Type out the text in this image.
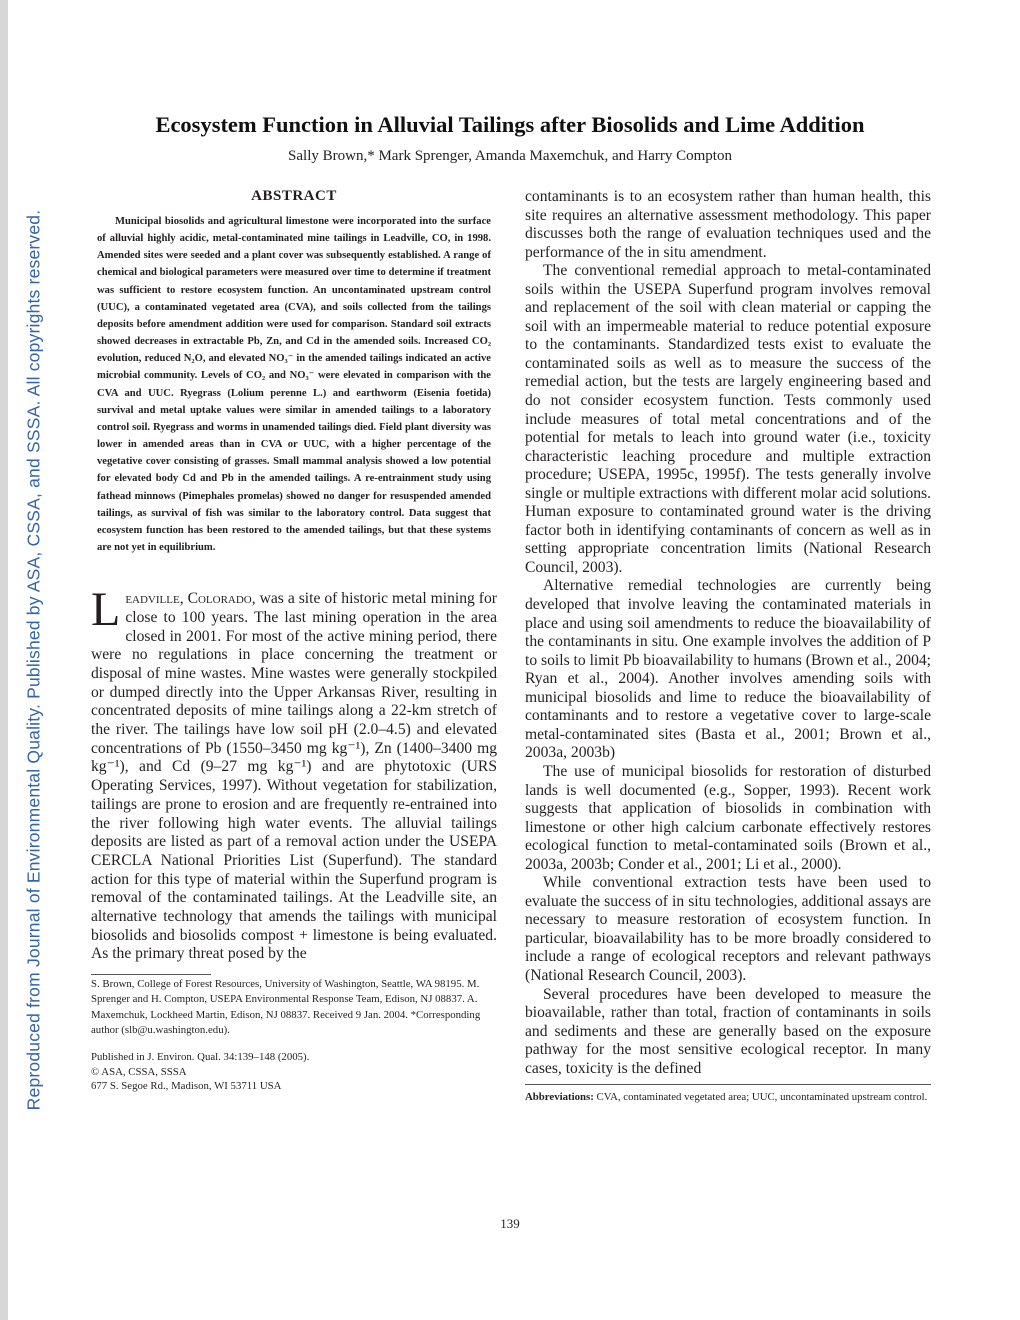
Reproduced from Journal of Environmental Quality. Published by ASA, CSSA, and SSSA. All copyrights reserved.
Ecosystem Function in Alluvial Tailings after Biosolids and Lime Addition
Sally Brown,* Mark Sprenger, Amanda Maxemchuk, and Harry Compton
ABSTRACT

Municipal biosolids and agricultural limestone were incorporated into the surface of alluvial highly acidic, metal-contaminated mine tailings in Leadville, CO, in 1998. Amended sites were seeded and a plant cover was subsequently established. A range of chemical and biological parameters were measured over time to determine if treatment was sufficient to restore ecosystem function. An uncontaminated upstream control (UUC), a contaminated vegetated area (CVA), and soils collected from the tailings deposits before amendment addition were used for comparison. Standard soil extracts showed decreases in extractable Pb, Zn, and Cd in the amended soils. Increased CO₂ evolution, reduced N₂O, and elevated NO₃⁻ in the amended tailings indicated an active microbial community. Levels of CO₂ and NO₃⁻ were elevated in comparison with the CVA and UUC. Ryegrass (Lolium perenne L.) and earthworm (Eisenia foetida) survival and metal uptake values were similar in amended tailings to a laboratory control soil. Ryegrass and worms in unamended tailings died. Field plant diversity was lower in amended areas than in CVA or UUC, with a higher percentage of the vegetative cover consisting of grasses. Small mammal analysis showed a low potential for elevated body Cd and Pb in the amended tailings. A re-entrainment study using fathead minnows (Pimephales promelas) showed no danger for resuspended amended tailings, as survival of fish was similar to the laboratory control. Data suggest that ecosystem function has been restored to the amended tailings, but that these systems are not yet in equilibrium.

Leadville, Colorado, was a site of historic metal mining for close to 100 years. The last mining operation in the area closed in 2001. For most of the active mining period, there were no regulations in place concerning the treatment or disposal of mine wastes. Mine wastes were generally stockpiled or dumped directly into the Upper Arkansas River, resulting in concentrated deposits of mine tailings along a 22-km stretch of the river. The tailings have low soil pH (2.0–4.5) and elevated concentrations of Pb (1550–3450 mg kg⁻¹), Zn (1400–3400 mg kg⁻¹), and Cd (9–27 mg kg⁻¹) and are phytotoxic (URS Operating Services, 1997). Without vegetation for stabilization, tailings are prone to erosion and are frequently re-entrained into the river following high water events. The alluvial tailings deposits are listed as part of a removal action under the USEPA CERCLA National Priorities List (Superfund). The standard action for this type of material within the Superfund program is removal of the contaminated tailings. At the Leadville site, an alternative technology that amends the tailings with municipal biosolids and biosolids compost + limestone is being evaluated. As the primary threat posed by the

S. Brown, College of Forest Resources, University of Washington, Seattle, WA 98195. M. Sprenger and H. Compton, USEPA Environmental Response Team, Edison, NJ 08837. A. Maxemchuk, Lockheed Martin, Edison, NJ 08837. Received 9 Jan. 2004. *Corresponding author (slb@u.washington.edu).

Published in J. Environ. Qual. 34:139–148 (2005).
© ASA, CSSA, SSSA
677 S. Segoe Rd., Madison, WI 53711 USA

contaminants is to an ecosystem rather than human health, this site requires an alternative assessment methodology. This paper discusses both the range of evaluation techniques used and the performance of the in situ amendment.

The conventional remedial approach to metal-contaminated soils within the USEPA Superfund program involves removal and replacement of the soil with clean material or capping the soil with an impermeable material to reduce potential exposure to the contaminants. Standardized tests exist to evaluate the contaminated soils as well as to measure the success of the remedial action, but the tests are largely engineering based and do not consider ecosystem function. Tests commonly used include measures of total metal concentrations and of the potential for metals to leach into ground water (i.e., toxicity characteristic leaching procedure and multiple extraction procedure; USEPA, 1995c, 1995f). The tests generally involve single or multiple extractions with different molar acid solutions. Human exposure to contaminated ground water is the driving factor both in identifying contaminants of concern as well as in setting appropriate concentration limits (National Research Council, 2003).

Alternative remedial technologies are currently being developed that involve leaving the contaminated materials in place and using soil amendments to reduce the bioavailability of the contaminants in situ. One example involves the addition of P to soils to limit Pb bioavailability to humans (Brown et al., 2004; Ryan et al., 2004). Another involves amending soils with municipal biosolids and lime to reduce the bioavailability of contaminants and to restore a vegetative cover to large-scale metal-contaminated sites (Basta et al., 2001; Brown et al., 2003a, 2003b)

The use of municipal biosolids for restoration of disturbed lands is well documented (e.g., Sopper, 1993). Recent work suggests that application of biosolids in combination with limestone or other high calcium carbonate effectively restores ecological function to metal-contaminated soils (Brown et al., 2003a, 2003b; Conder et al., 2001; Li et al., 2000).

While conventional extraction tests have been used to evaluate the success of in situ technologies, additional assays are necessary to measure restoration of ecosystem function. In particular, bioavailability has to be more broadly considered to include a range of ecological receptors and relevant pathways (National Research Council, 2003).

Several procedures have been developed to measure the bioavailable, rather than total, fraction of contaminants in soils and sediments and these are generally based on the exposure pathway for the most sensitive ecological receptor. In many cases, toxicity is the defined

Abbreviations: CVA, contaminated vegetated area; UUC, uncontaminated upstream control.

139
